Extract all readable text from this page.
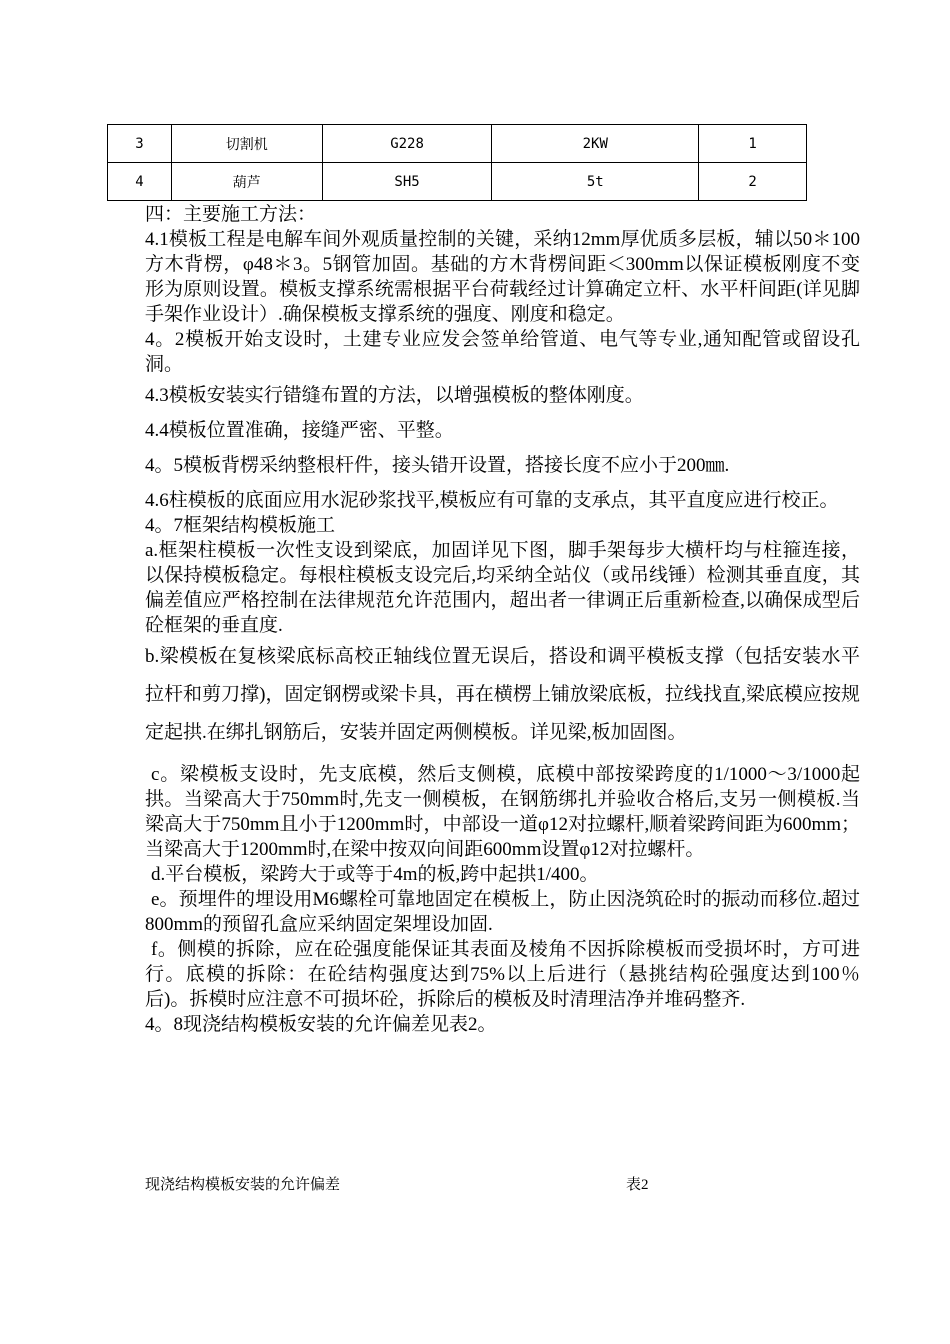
3	切割机	G228	2KW	1
4	葫芦	SH5	5t	2

四：主要施工方法：

4.1模板工程是电解车间外观质量控制的关键，采纳12mm厚优质多层板，辅以50＊100方木背楞，φ48＊3。5钢管加固。基础的方木背楞间距＜300mm以保证模板刚度不变形为原则设置。模板支撑系统需根据平台荷载经过计算确定立杆、水平杆间距(详见脚手架作业设计）.确保模板支撑系统的强度、刚度和稳定。

4。2模板开始支设时，土建专业应发会签单给管道、电气等专业,通知配管或留设孔洞。

4.3模板安装实行错缝布置的方法，以增强模板的整体刚度。

4.4模板位置准确，接缝严密、平整。

4。5模板背楞采纳整根杆件，接头错开设置，搭接长度不应小于200㎜.

4.6柱模板的底面应用水泥砂浆找平,模板应有可靠的支承点，其平直度应进行校正。

4。7框架结构模板施工

a.框架柱模板一次性支设到梁底，加固详见下图，脚手架每步大横杆均与柱箍连接，以保持模板稳定。每根柱模板支设完后,均采纳全站仪（或吊线锤）检测其垂直度，其偏差值应严格控制在法律规范允许范围内，超出者一律调正后重新检查,以确保成型后砼框架的垂直度.

b.梁模板在复核梁底标高校正轴线位置无误后，搭设和调平模板支撑（包括安装水平拉杆和剪刀撑)，固定钢楞或梁卡具，再在横楞上铺放梁底板，拉线找直,梁底模应按规定起拱.在绑扎钢筋后，安装并固定两侧模板。详见梁,板加固图。

c。梁模板支设时，先支底模，然后支侧模，底模中部按梁跨度的1/1000～3/1000起拱。当梁高大于750mm时,先支一侧模板，在钢筋绑扎并验收合格后,支另一侧模板.当梁高大于750mm且小于1200mm时，中部设一道φ12对拉螺杆,顺着梁跨间距为600mm；当梁高大于1200mm时,在梁中按双向间距600mm设置φ12对拉螺杆。

d.平台模板，梁跨大于或等于4m的板,跨中起拱1/400。

e。预埋件的埋设用M6螺栓可靠地固定在模板上，防止因浇筑砼时的振动而移位.超过800mm的预留孔盒应采纳固定架埋设加固.

f。侧模的拆除，应在砼强度能保证其表面及棱角不因拆除模板而受损坏时，方可进行。底模的拆除：在砼结构强度达到75%以上后进行（悬挑结构砼强度达到100％后)。拆模时应注意不可损坏砼，拆除后的模板及时清理洁净并堆码整齐.

4。8现浇结构模板安装的允许偏差见表2。

现浇结构模板安装的允许偏差	表2
